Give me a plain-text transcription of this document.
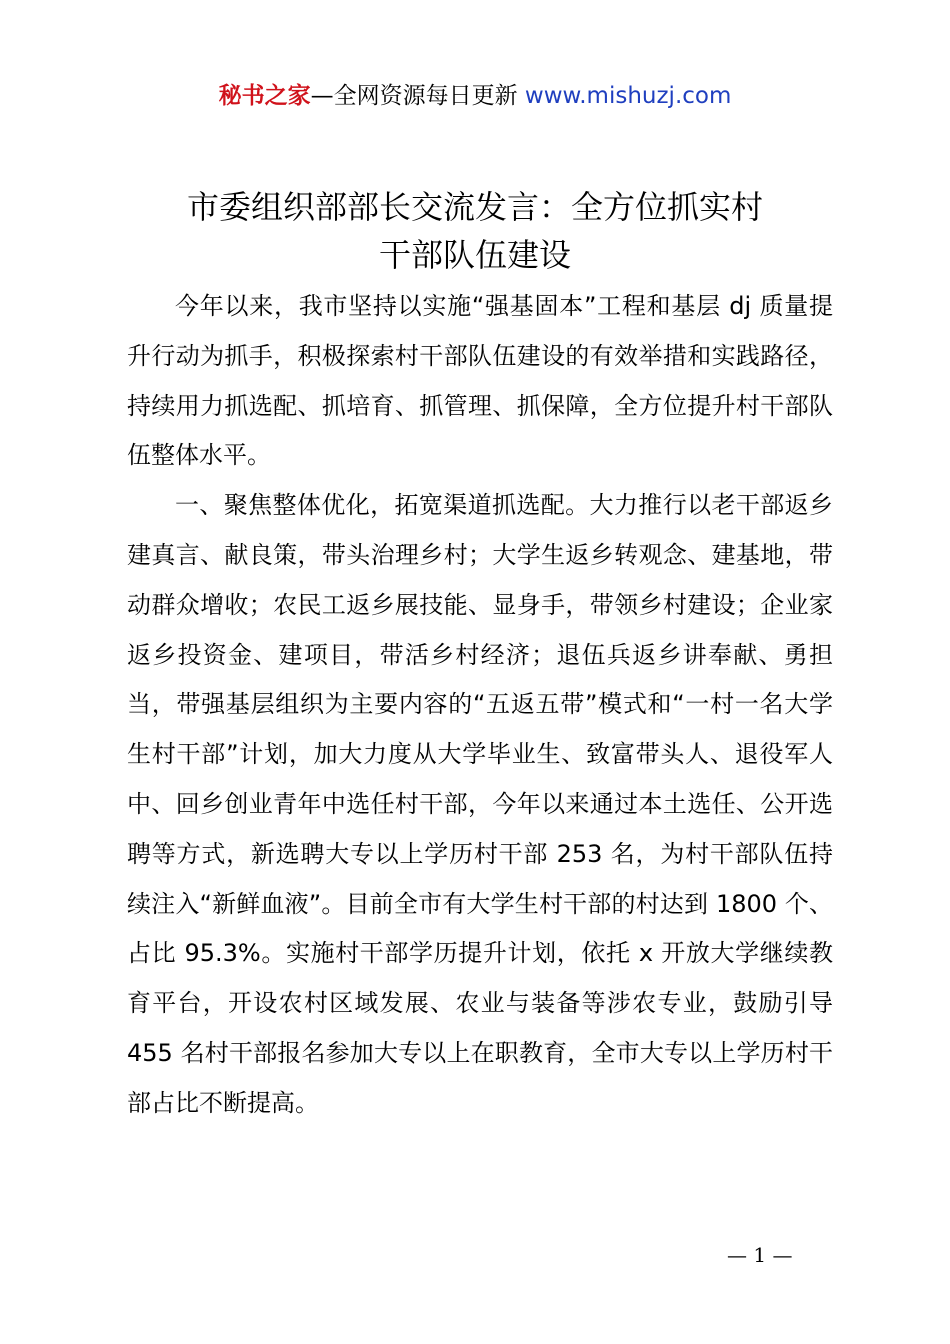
秘书之家—全网资源每日更新 www.mishuzj.com
市委组织部部长交流发言：全方位抓实村
干部队伍建设

今年以来，我市坚持以实施“强基固本”工程和基层 dj 质量提升行动为抓手，积极探索村干部队伍建设的有效举措和实践路径，持续用力抓选配、抓培育、抓管理、抓保障，全方位提升村干部队伍整体水平。

一、聚焦整体优化，拓宽渠道抓选配。大力推行以老干部返乡建真言、献良策，带头治理乡村；大学生返乡转观念、建基地，带动群众增收；农民工返乡展技能、显身手，带领乡村建设；企业家返乡投资金、建项目，带活乡村经济；退伍兵返乡讲奉献、勇担当，带强基层组织为主要内容的“五返五带”模式和“一村一名大学生村干部”计划，加大力度从大学毕业生、致富带头人、退役军人中、回乡创业青年中选任村干部，今年以来通过本土选任、公开选聘等方式，新选聘大专以上学历村干部 253 名，为村干部队伍持续注入“新鲜血液”。目前全市有大学生村干部的村达到 1800 个、占比 95.3%。实施村干部学历提升计划，依托 x 开放大学继续教育平台，开设农村区域发展、农业与装备等涉农专业，鼓励引导 455 名村干部报名参加大专以上在职教育，全市大专以上学历村干部占比不断提高。

— 1 —
